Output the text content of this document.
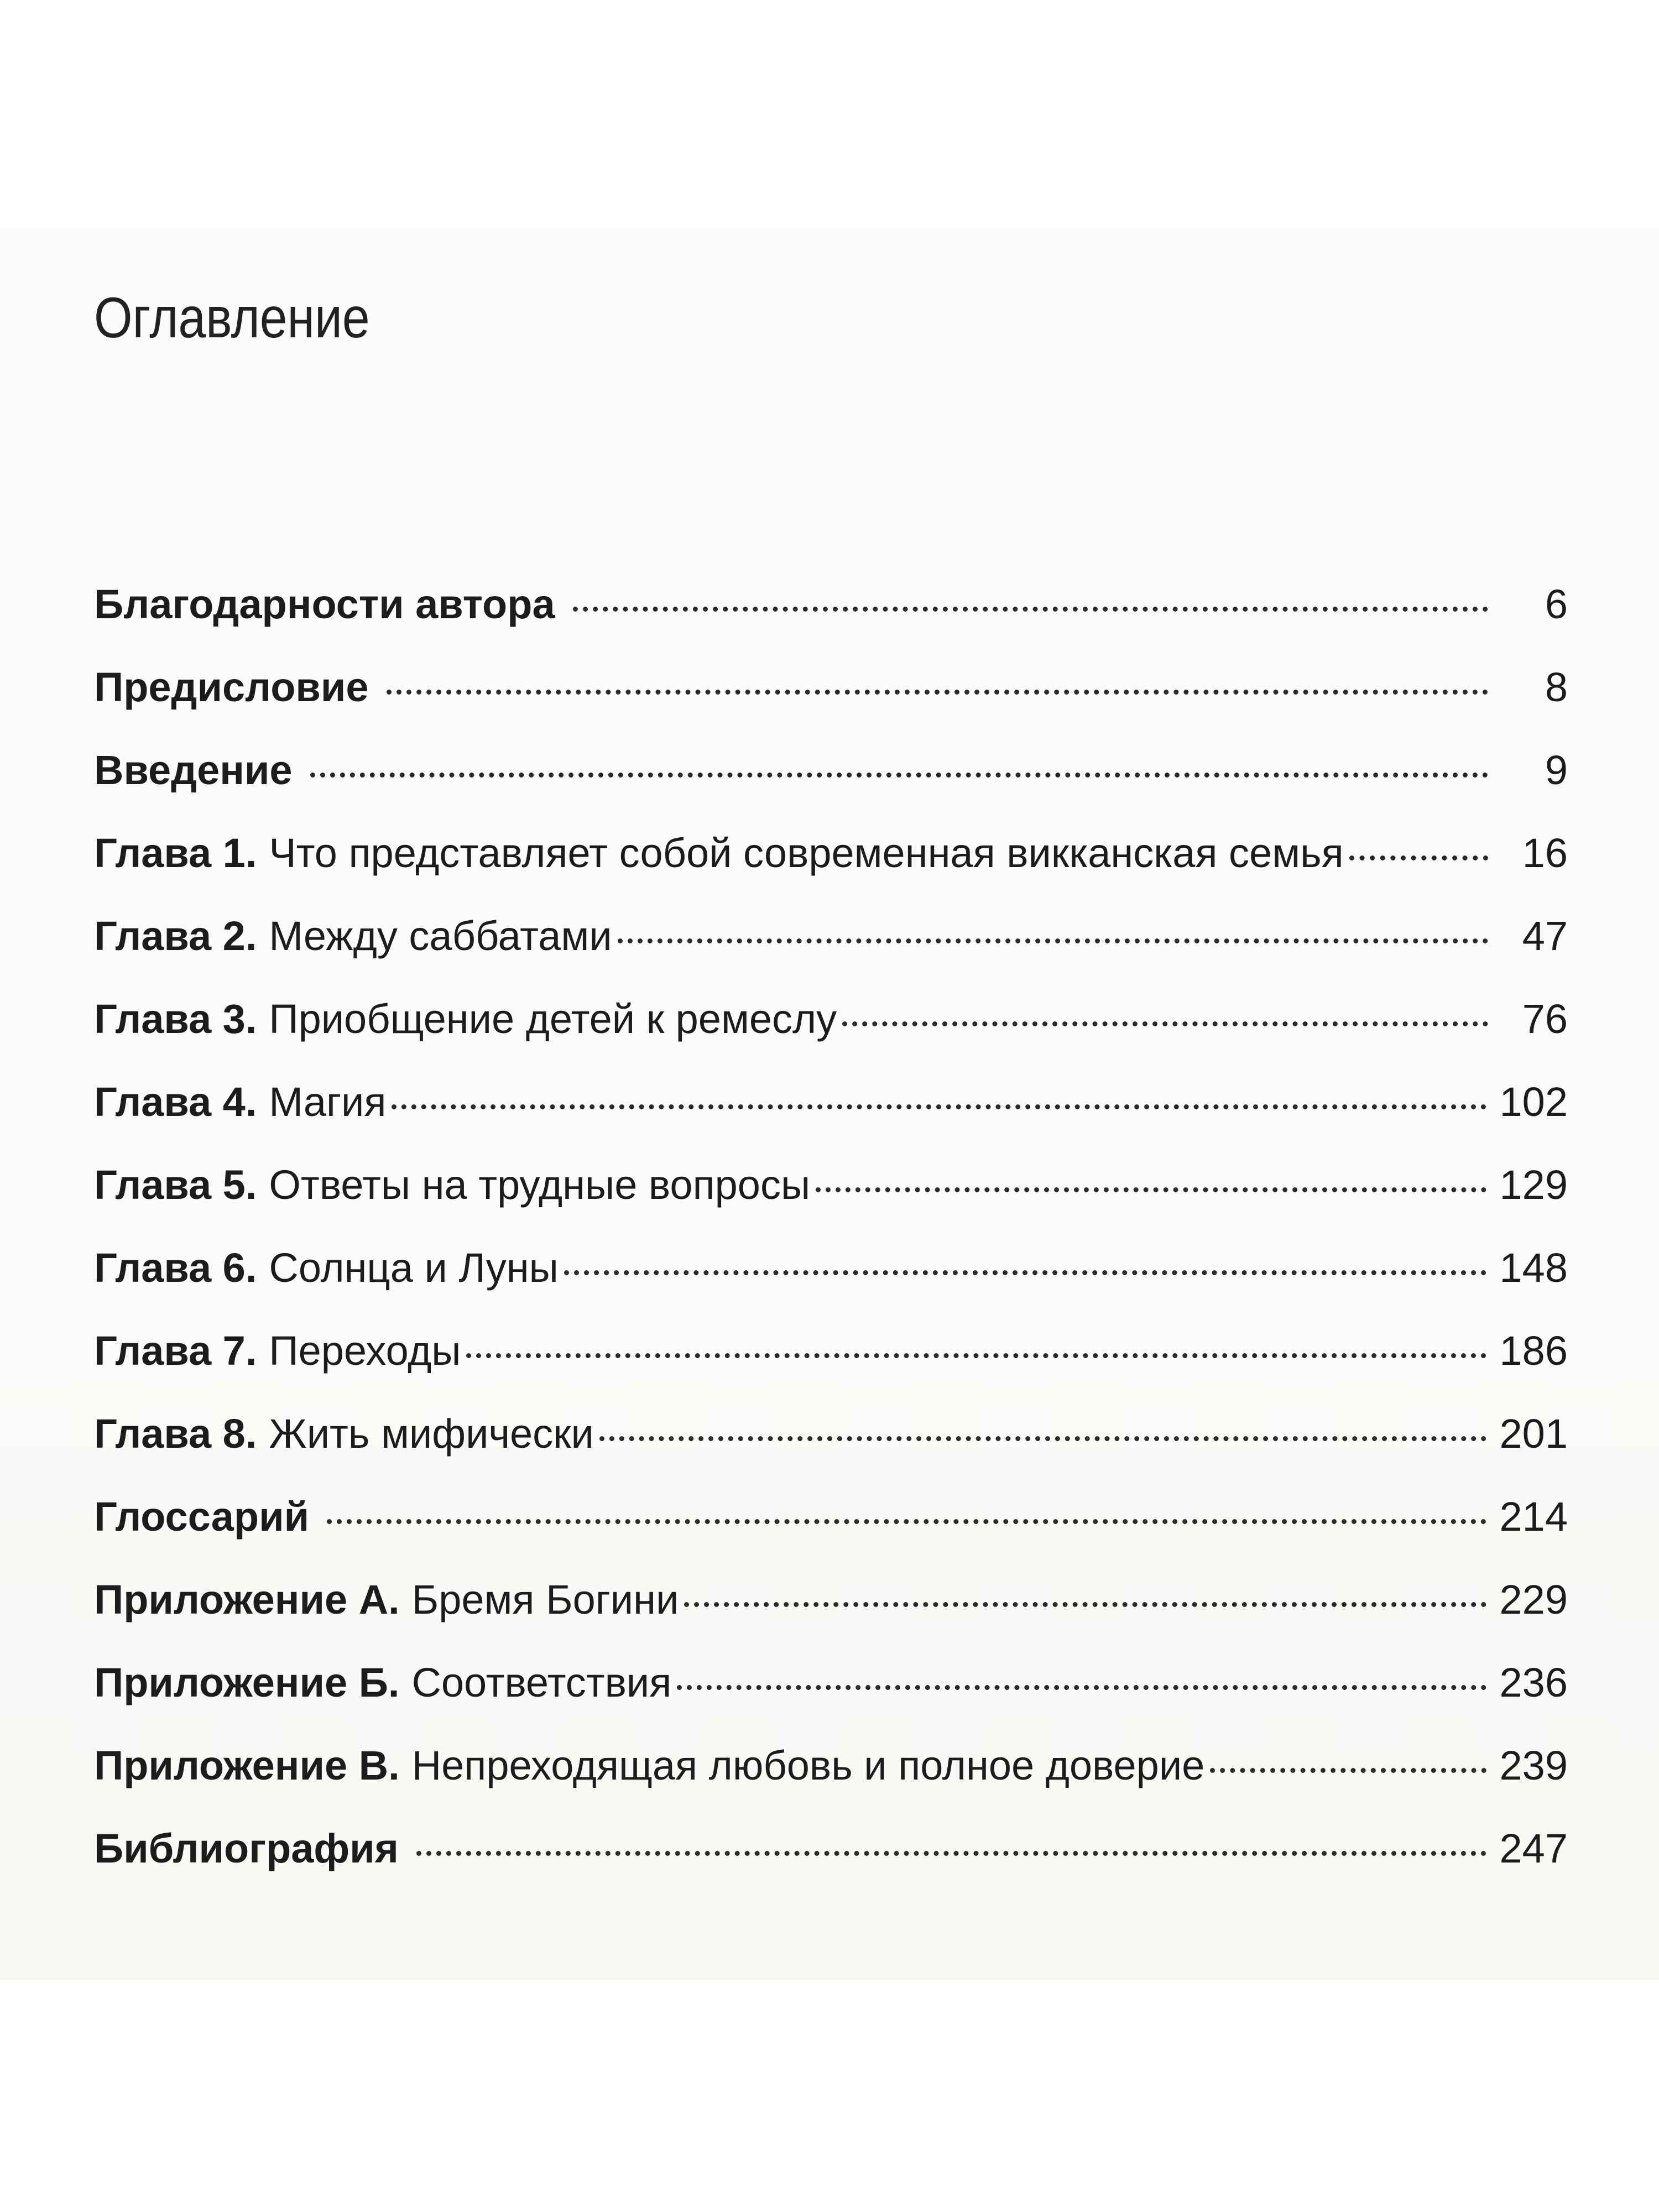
Оглавление
Благодарности автора	6
Предисловие	8
Введение	9
Глава 1. Что представляет собой современная викканская семья	16
Глава 2. Между саббатами	47
Глава 3. Приобщение детей к ремеслу	76
Глава 4. Магия	102
Глава 5. Ответы на трудные вопросы	129
Глава 6. Солнца и Луны	148
Глава 7. Переходы	186
Глава 8. Жить мифически	201
Глоссарий	214
Приложение А. Бремя Богини	229
Приложение Б. Соответствия	236
Приложение В. Непреходящая любовь и полное доверие	239
Библиография	247
